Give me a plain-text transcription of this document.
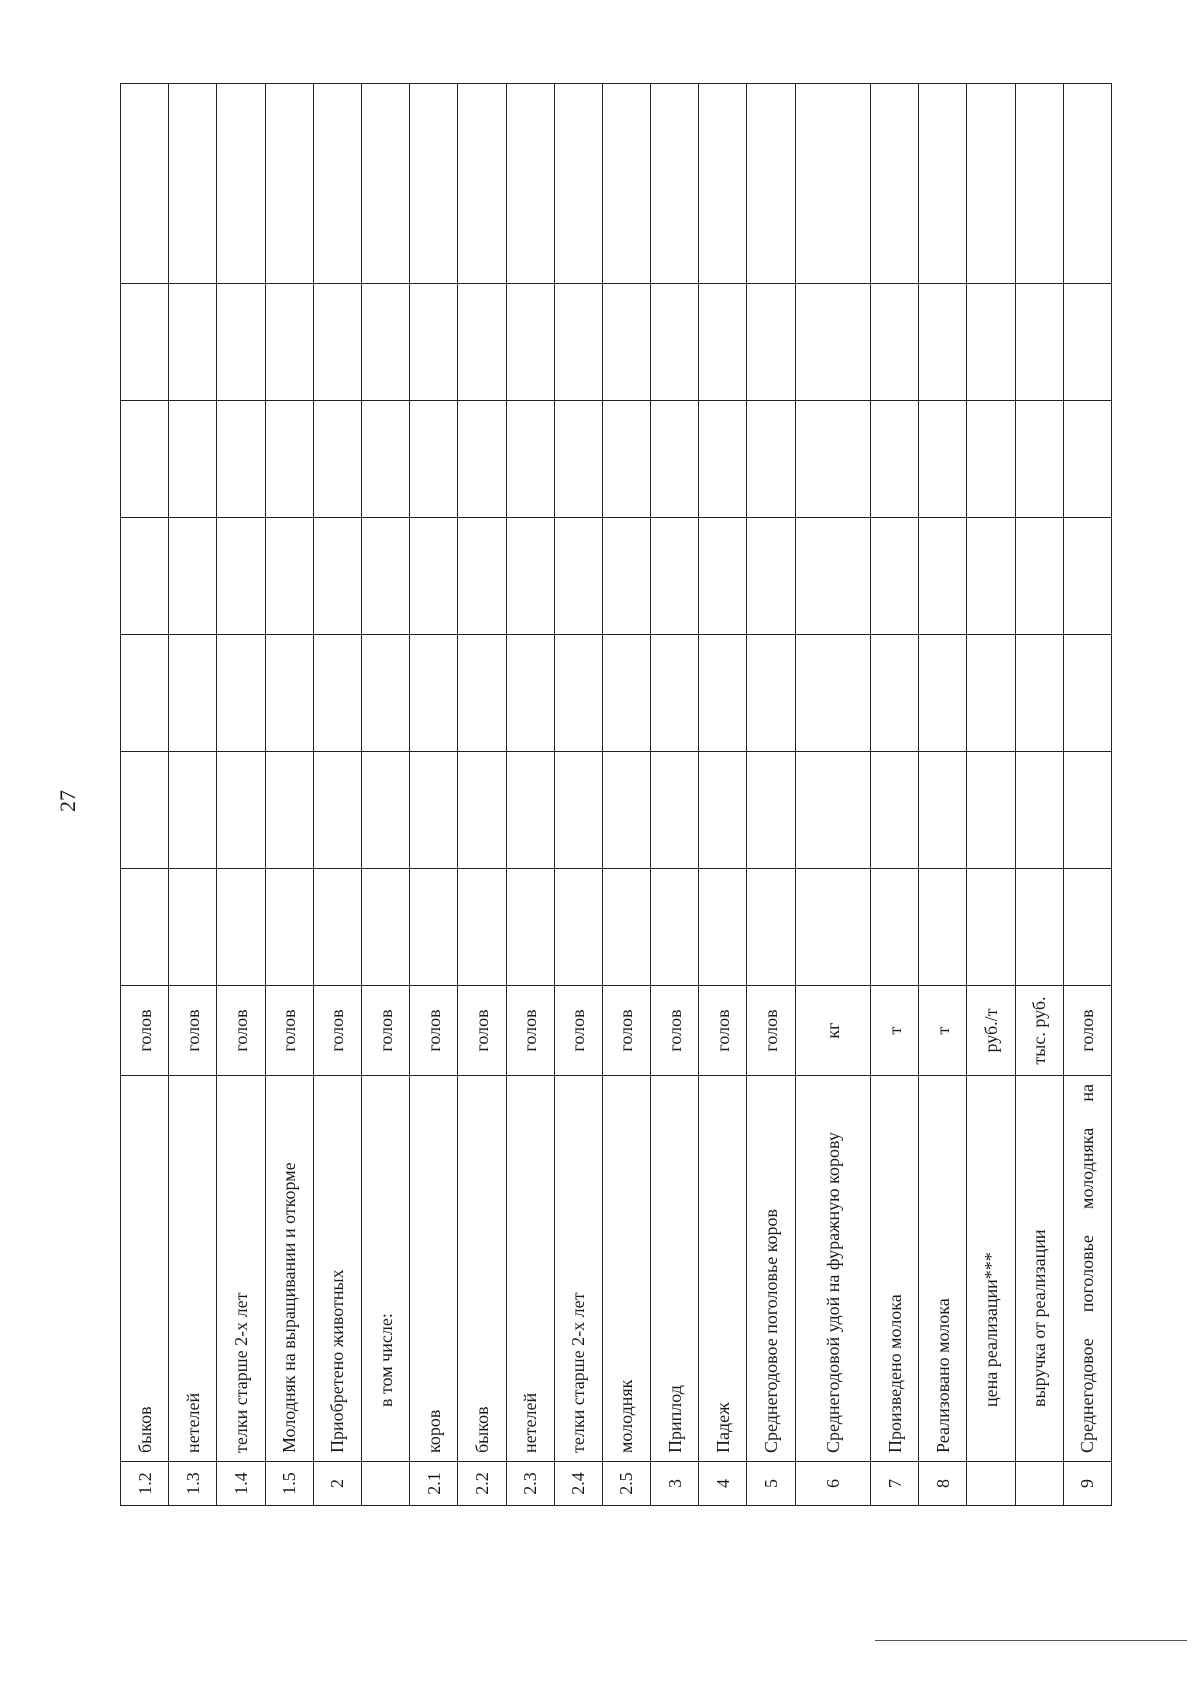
27
1.2	быков	голов							
1.3	нетелей	голов							
1.4	телки старше 2-х лет	голов							
1.5	Молодняк на выращивании и откорме	голов							
2	Приобретено животных	голов							
	в том числе:	голов							
2.1	коров	голов							
2.2	быков	голов							
2.3	нетелей	голов							
2.4	телки старше 2-х лет	голов							
2.5	молодняк	голов							
3	Приплод	голов							
4	Падеж	голов							
5	Среднегодовое поголовье коров	голов							
6	Среднегодовой удой на фуражную корову	кг							
7	Произведено молока	т							
8	Реализовано молока	т							
	цена реализации***	руб./т							
	выручка от реализации	тыс. руб.							
9	Среднегодовое поголовье молодняка на	голов							
